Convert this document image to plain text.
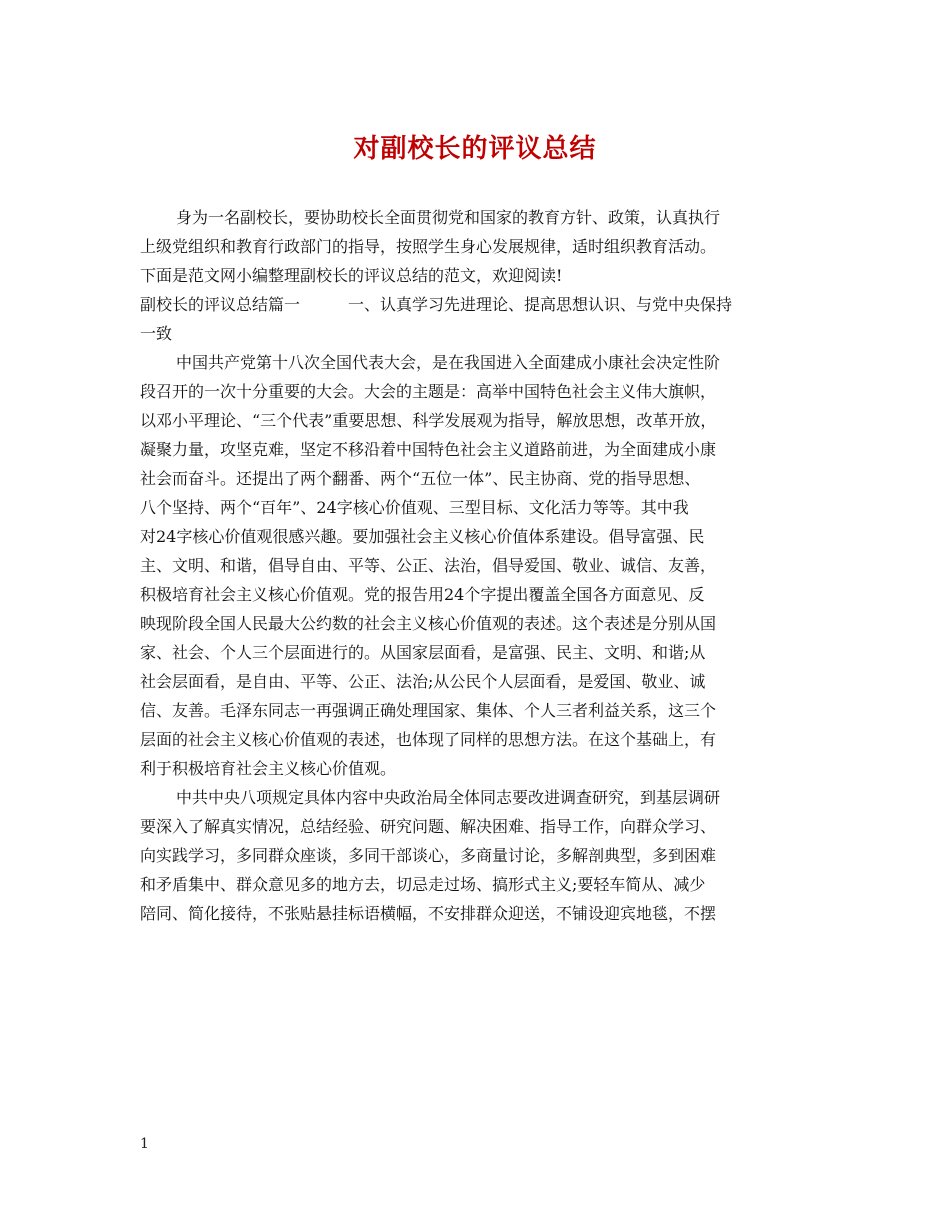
对副校长的评议总结
身为一名副校长，要协助校长全面贯彻党和国家的教育方针、政策，认真执行
上级党组织和教育行政部门的指导，按照学生身心发展规律，适时组织教育活动。
下面是范文网小编整理副校长的评议总结的范文，欢迎阅读!
副校长的评议总结篇一	一、认真学习先进理论、提高思想认识、与党中央保持
一致
中国共产党第十八次全国代表大会，是在我国进入全面建成小康社会决定性阶
段召开的一次十分重要的大会。大会的主题是：高举中国特色社会主义伟大旗帜，
以邓小平理论、“三个代表”重要思想、科学发展观为指导，解放思想，改革开放，
凝聚力量，攻坚克难，坚定不移沿着中国特色社会主义道路前进，为全面建成小康
社会而奋斗。还提出了两个翻番、两个“五位一体”、民主协商、党的指导思想、
八个坚持、两个“百年”、24字核心价值观、三型目标、文化活力等等。其中我
对24字核心价值观很感兴趣。要加强社会主义核心价值体系建设。倡导富强、民
主、文明、和谐，倡导自由、平等、公正、法治，倡导爱国、敬业、诚信、友善，
积极培育社会主义核心价值观。党的报告用24个字提出覆盖全国各方面意见、反
映现阶段全国人民最大公约数的社会主义核心价值观的表述。这个表述是分别从国
家、社会、个人三个层面进行的。从国家层面看，是富强、民主、文明、和谐;从
社会层面看，是自由、平等、公正、法治;从公民个人层面看，是爱国、敬业、诚
信、友善。毛泽东同志一再强调正确处理国家、集体、个人三者利益关系，这三个
层面的社会主义核心价值观的表述，也体现了同样的思想方法。在这个基础上，有
利于积极培育社会主义核心价值观。
中共中央八项规定具体内容中央政治局全体同志要改进调查研究，到基层调研
要深入了解真实情况，总结经验、研究问题、解决困难、指导工作，向群众学习、
向实践学习，多同群众座谈，多同干部谈心，多商量讨论，多解剖典型，多到困难
和矛盾集中、群众意见多的地方去，切忌走过场、搞形式主义;要轻车简从、减少
陪同、简化接待，不张贴悬挂标语横幅，不安排群众迎送，不铺设迎宾地毯，不摆
1
